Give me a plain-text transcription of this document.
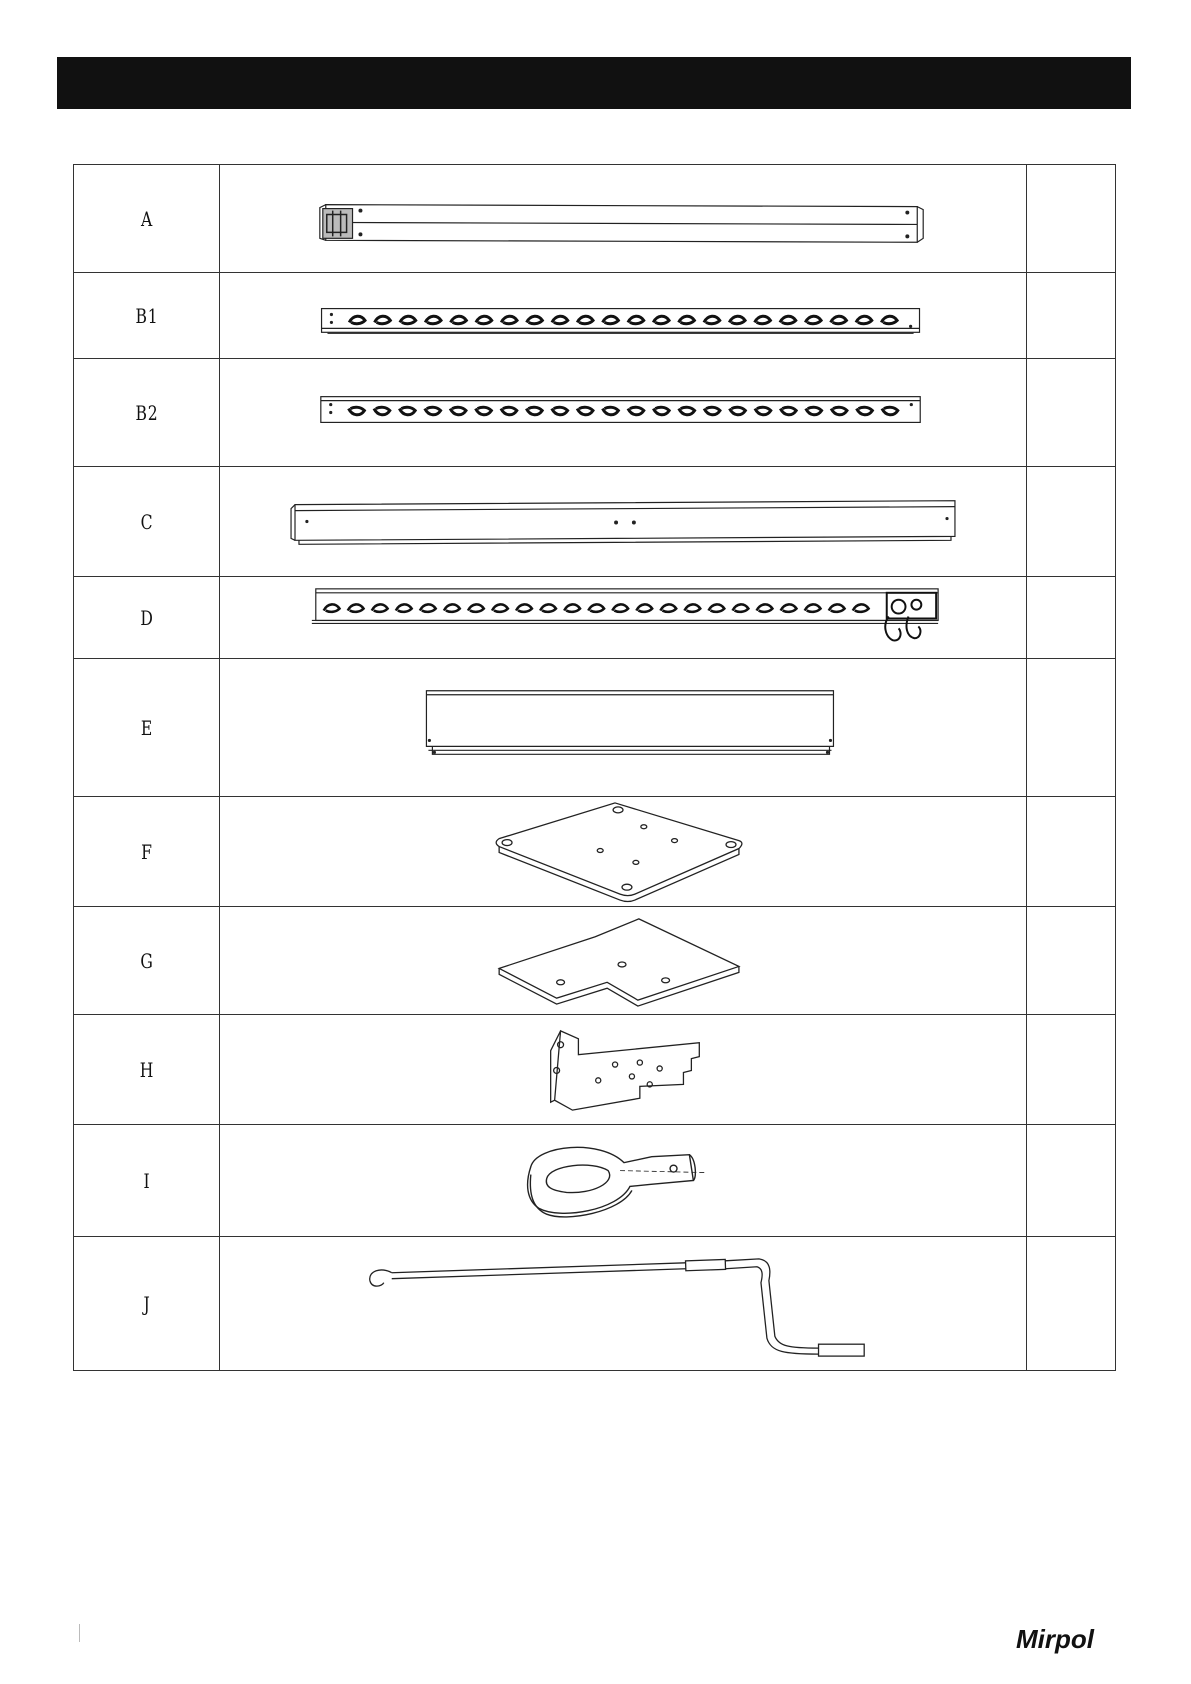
A	

B1	

B2	

C	

D	

E	

F	

G	

H	

I	

J	

Mirpol
